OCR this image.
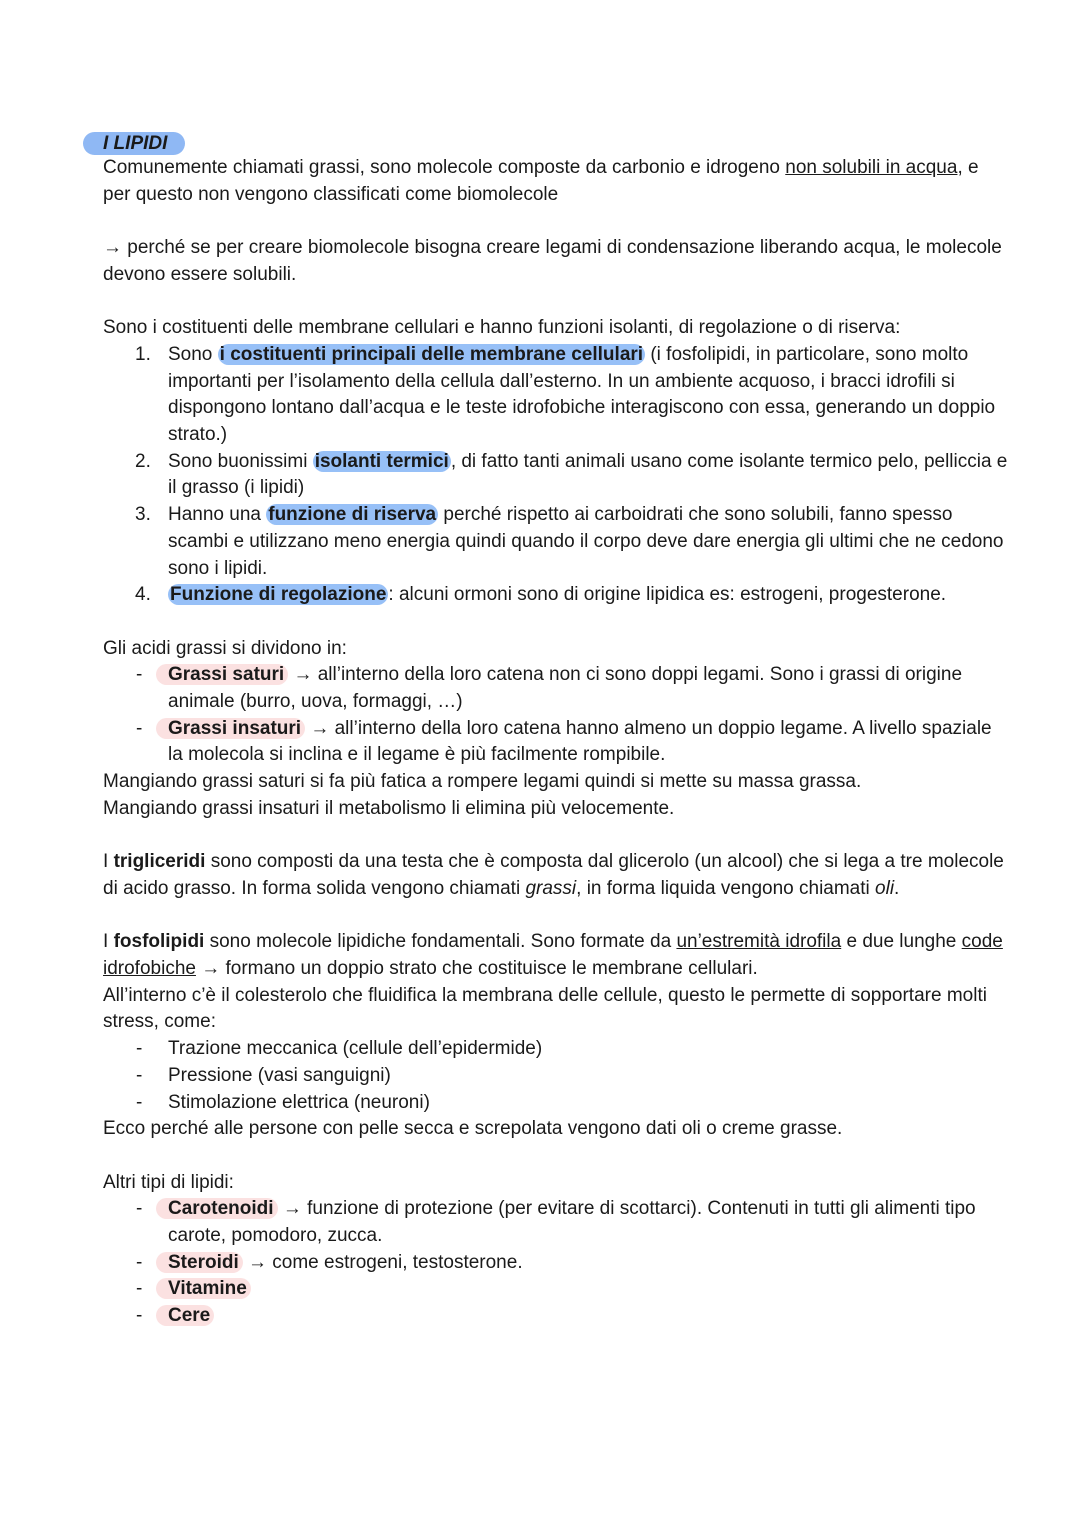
I LIPIDI

Comunemente chiamati grassi, sono molecole composte da carbonio e idrogeno non solubili in acqua, e per questo non vengono classificati come biomolecole

→ perché se per creare biomolecole bisogna creare legami di condensazione liberando acqua, le molecole devono essere solubili.

Sono i costituenti delle membrane cellulari e hanno funzioni isolanti, di regolazione o di riserva:

1. Sono i costituenti principali delle membrane cellulari (i fosfolipidi, in particolare, sono molto importanti per l’isolamento della cellula dall’esterno. In un ambiente acquoso, i bracci idrofili si dispongono lontano dall’acqua e le teste idrofobiche interagiscono con essa, generando un doppio strato.)
2. Sono buonissimi isolanti termici , di fatto tanti animali usano come isolante termico pelo, pelliccia e il grasso (i lipidi)
3. Hanno una funzione di riserva perché rispetto ai carboidrati che sono solubili, fanno spesso scambi e utilizzano meno energia quindi quando il corpo deve dare energia gli ultimi che ne cedono sono i lipidi.
4. Funzione di regolazione : alcuni ormoni sono di origine lipidica es: estrogeni, progesterone.

Gli acidi grassi si dividono in:

- Grassi saturi → all’interno della loro catena non ci sono doppi legami. Sono i grassi di origine animale (burro, uova, formaggi, …)
- Grassi insaturi → all’interno della loro catena hanno almeno un doppio legame. A livello spaziale la molecola si inclina e il legame è più facilmente rompibile.

Mangiando grassi saturi si fa più fatica a rompere legami quindi si mette su massa grassa.

Mangiando grassi insaturi il metabolismo li elimina più velocemente.

I trigliceridi sono composti da una testa che è composta dal glicerolo (un alcool) che si lega a tre molecole di acido grasso. In forma solida vengono chiamati grassi, in forma liquida vengono chiamati oli.

I fosfolipidi sono molecole lipidiche fondamentali. Sono formate da un’estremità idrofila e due lunghe code idrofobiche → formano un doppio strato che costituisce le membrane cellulari.
All’interno c’è il colesterolo che fluidifica la membrana delle cellule, questo le permette di sopportare molti stress, come:

- Trazione meccanica (cellule dell’epidermide)
- Pressione (vasi sanguigni)
- Stimolazione elettrica (neuroni)

Ecco perché alle persone con pelle secca e screpolata vengono dati oli o creme grasse.

Altri tipi di lipidi:

- Carotenoidi → funzione di protezione (per evitare di scottarci). Contenuti in tutti gli alimenti tipo carote, pomodoro, zucca.
- Steroidi → come estrogeni, testosterone.
- Vitamine
- Cere
